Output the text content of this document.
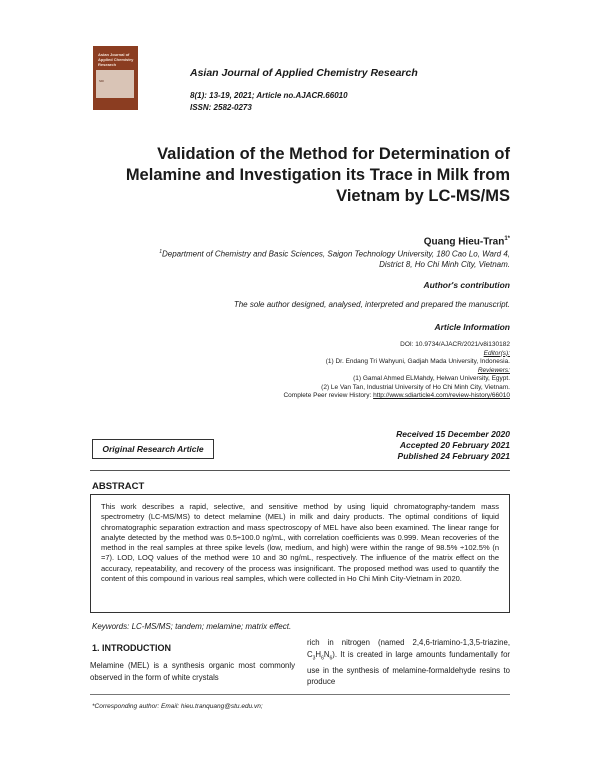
Asian Journal of Applied Chemistry Research
SDI
Asian Journal of Applied Chemistry Research
8(1): 13-19, 2021; Article no.AJACR.66010
ISSN: 2582-0273
Validation of the Method for Determination of
Melamine and Investigation its Trace in Milk from
Vietnam by LC-MS/MS
Quang Hieu-Tran$^{1*}$
$^1$Department of Chemistry and Basic Sciences, Saigon Technology University, 180 Cao Lo, Ward 4,
District 8, Ho Chi Minh City, Vietnam.
Author's contribution
The sole author designed, analysed, interpreted and prepared the manuscript.
Article Information
DOI: 10.9734/AJACR/2021/v8i130182
Editor(s):
(1) Dr. Endang Tri Wahyuni, Gadjah Mada University, Indonesia.
Reviewers:
(1) Gamal Ahmed ELMahdy, Helwan University, Egypt.
(2) Le Van Tan, Industrial University of Ho Chi Minh City, Vietnam.
Complete Peer review History: http://www.sdiarticle4.com/review-history/66010
Original Research Article
Received 15 December 2020
Accepted 20 February 2021
Published 24 February 2021
ABSTRACT
This work describes a rapid, selective, and sensitive method by using liquid chromatography-tandem mass spectrometry (LC-MS/MS) to detect melamine (MEL) in milk and dairy products. The optimal conditions of liquid chromatographic separation extraction and mass spectroscopy of MEL have also been examined. The linear range for analyte detected by the method was 0.5÷100.0 ng/mL, with correlation coefficients was 0.999. Mean recoveries of the method in the real samples at three spike levels (low, medium, and high) were within the range of 98.5% ÷102.5% (n =7). LOD, LOQ values of the method were 10 and 30 ng/mL, respectively. The influence of the matrix effect on the accuracy, repeatability, and recovery of the process was insignificant. The proposed method was used to quantify the content of this compound in various real samples, which were collected in Ho Chi Minh City-Vietnam in 2020.
Keywords: LC-MS/MS; tandem; melamine; matrix effect.
1. INTRODUCTION
Melamine (MEL) is a synthesis organic most commonly observed in the form of white crystals
rich in nitrogen (named 2,4,6-triamino-1,3,5-triazine, $C_3H_6N_6$). It is created in large amounts fundamentally for use in the synthesis of melamine-formaldehyde resins to produce
*Corresponding author: Email: hieu.tranquang@stu.edu.vn;
